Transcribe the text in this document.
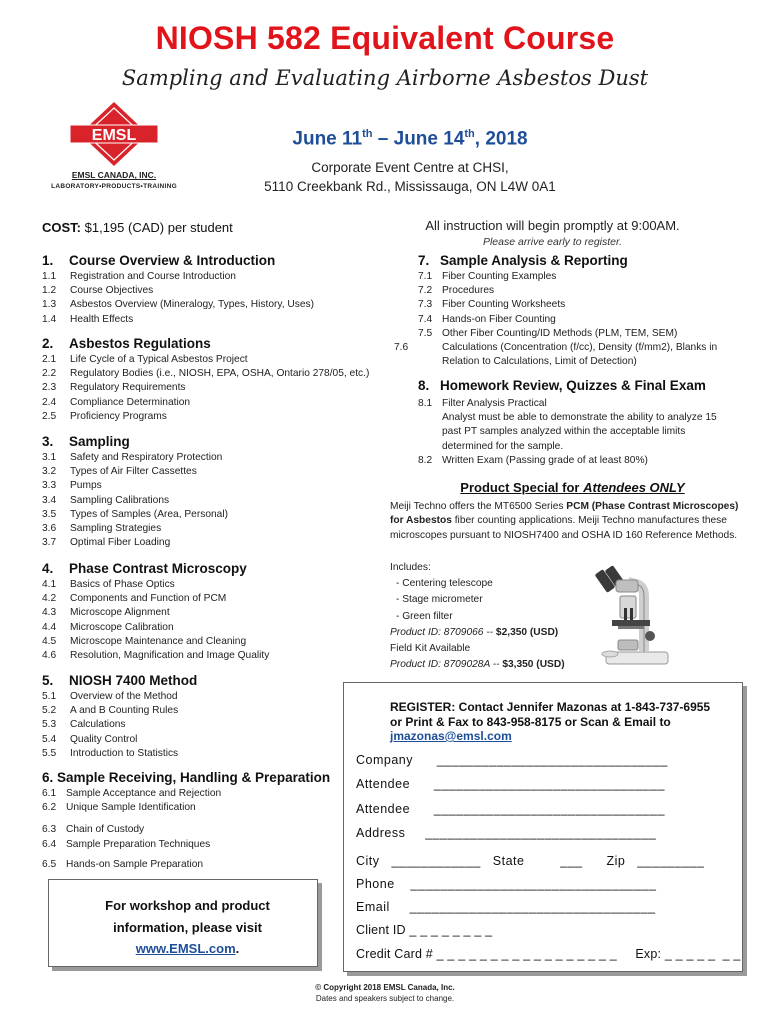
NIOSH 582 Equivalent Course
Sampling and Evaluating Airborne Asbestos Dust
EMSL
EMSL CANADA, INC.
LABORATORY•PRODUCTS•TRAINING
June 11th – June 14th, 2018
Corporate Event Centre at CHSI,
5110 Creekbank Rd., Mississauga, ON L4W 0A1
COST: $1,195 (CAD) per student	All instruction will begin promptly at 9:00AM.
Please arrive early to register.
1. Course Overview & Introduction
1.1 Registration and Course Introduction
1.2 Course Objectives
1.3 Asbestos Overview (Mineralogy, Types, History, Uses)
1.4 Health Effects
2. Asbestos Regulations
2.1 Life Cycle of a Typical Asbestos Project
2.2 Regulatory Bodies (i.e., NIOSH, EPA, OSHA, Ontario 278/05, etc.)
2.3 Regulatory Requirements
2.4 Compliance Determination
2.5 Proficiency Programs
3. Sampling
3.1 Safety and Respiratory Protection
3.2 Types of Air Filter Cassettes
3.3 Pumps
3.4 Sampling Calibrations
3.5 Types of Samples (Area, Personal)
3.6 Sampling Strategies
3.7 Optimal Fiber Loading
4. Phase Contrast Microscopy
4.1 Basics of Phase Optics
4.2 Components and Function of PCM
4.3 Microscope Alignment
4.4 Microscope Calibration
4.5 Microscope Maintenance and Cleaning
4.6 Resolution, Magnification and Image Quality
5. NIOSH 7400 Method
5.1 Overview of the Method
5.2 A and B Counting Rules
5.3 Calculations
5.4 Quality Control
5.5 Introduction to Statistics
6. Sample Receiving, Handling & Preparation
6.1 Sample Acceptance and Rejection
6.2 Unique Sample Identification
6.3 Chain of Custody
6.4 Sample Preparation Techniques
6.5 Hands-on Sample Preparation
7. Sample Analysis & Reporting
7.1 Fiber Counting Examples
7.2 Procedures
7.3 Fiber Counting Worksheets
7.4 Hands-on Fiber Counting
7.5 Other Fiber Counting/ID Methods (PLM, TEM, SEM)
7.6	Calculations (Concentration (f/cc), Density (f/mm2), Blanks in Relation to Calculations, Limit of Detection)
8. Homework Review, Quizzes & Final Exam
8.1 Filter Analysis Practical
Analyst must be able to demonstrate the ability to analyze 15 past PT samples analyzed within the acceptable limits determined for the sample.
8.2 Written Exam (Passing grade of at least 80%)
Product Special for Attendees ONLY
Meiji Techno offers the MT6500 Series PCM (Phase Contrast Microscopes) for Asbestos fiber counting applications. Meiji Techno manufactures these microscopes pursuant to NIOSH7400 and OSHA ID 160 Reference Methods.
Includes:
- Centering telescope
- Stage micrometer
- Green filter
Product ID: 8709066 -- $2,350 (USD)
Field Kit Available
Product ID: 8709028A -- $3,350 (USD)
REGISTER: Contact Jennifer Mazonas at 1-843-737-6955
or Print & Fax to 843-958-8175 or Scan & Email to
jmazonas@emsl.com
Company      _______________________________
Attendee      _______________________________
Attendee      _______________________________
Address     _______________________________
City   ____________   State         ___      Zip   _________
Phone    _________________________________
Email     _________________________________
Client ID _ _ _ _ _ _ _ _
Credit Card # _ _ _ _ _ _ _ _ _ _ _ _ _ _ _ _ _     Exp: _ _ _ _ _  _ _
For workshop and product
information, please visit
www.EMSL.com.
© Copyright 2018 EMSL Canada, Inc.
Dates and speakers subject to change.
